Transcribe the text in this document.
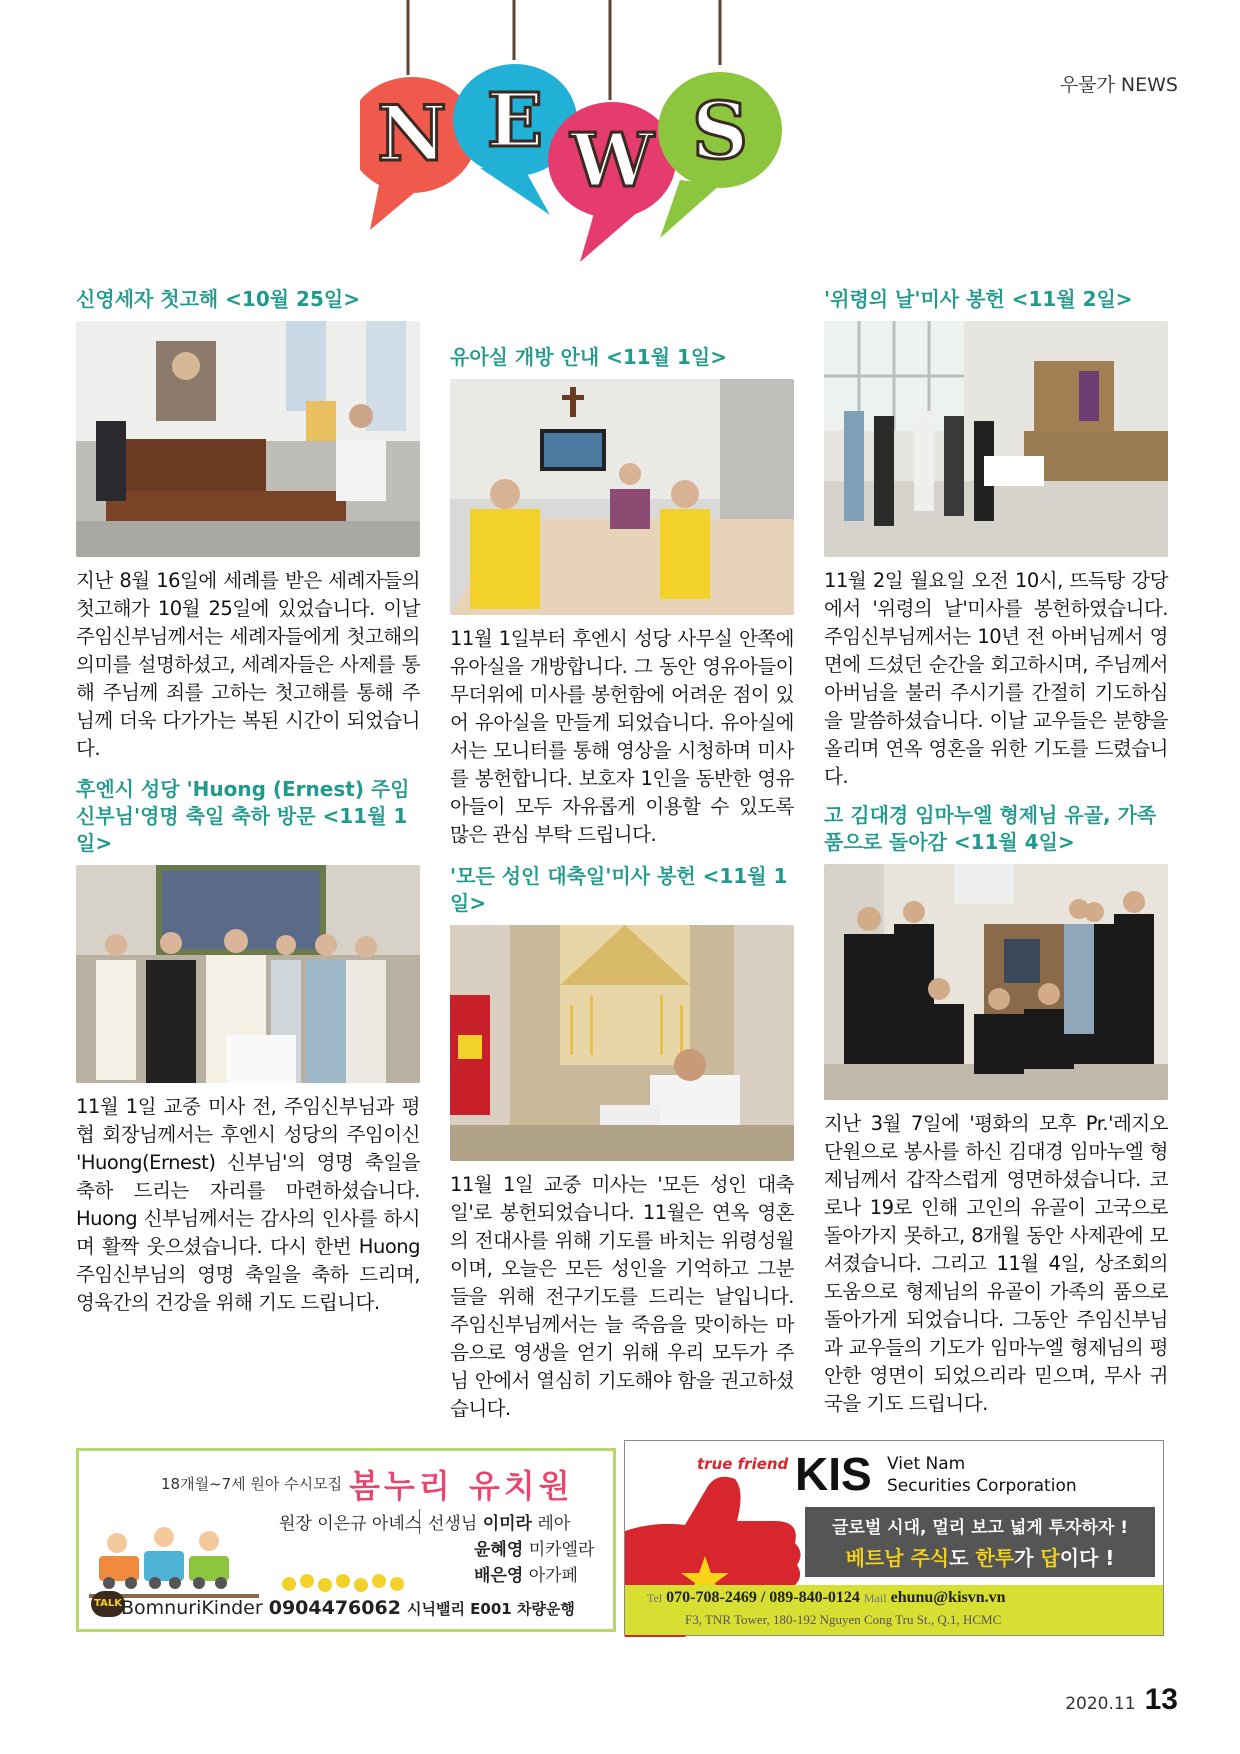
우물가 NEWS
N E W S
신영세자 첫고해 <10월 25일>
지난 8월 16일에 세례를 받은 세례자들의 첫고해가 10월 25일에 있었습니다. 이날 주임신부님께서는 세례자들에게 첫고해의 의미를 설명하셨고, 세례자들은 사제를 통해 주님께 죄를 고하는 첫고해를 통해 주님께 더욱 다가가는 복된 시간이 되었습니다.
후엔시 성당 'Huong (Ernest) 주임신부님'영명 축일 축하 방문 <11월 1일>
11월 1일 교중 미사 전, 주임신부님과 평협 회장님께서는 후엔시 성당의 주임이신 'Huong(Ernest) 신부님'의 영명 축일을 축하 드리는 자리를 마련하셨습니다. Huong 신부님께서는 감사의 인사를 하시며 활짝 웃으셨습니다. 다시 한번 Huong 주임신부님의 영명 축일을 축하 드리며, 영육간의 건강을 위해 기도 드립니다.
유아실 개방 안내 <11월 1일>
11월 1일부터 후엔시 성당 사무실 안쪽에 유아실을 개방합니다. 그 동안 영유아들이 무더위에 미사를 봉헌함에 어려운 점이 있어 유아실을 만들게 되었습니다. 유아실에서는 모니터를 통해 영상을 시청하며 미사를 봉헌합니다. 보호자 1인을 동반한 영유아들이 모두 자유롭게 이용할 수 있도록 많은 관심 부탁 드립니다.
'모든 성인 대축일'미사 봉헌 <11월 1일>
11월 1일 교중 미사는 '모든 성인 대축일'로 봉헌되었습니다. 11월은 연옥 영혼의 전대사를 위해 기도를 바치는 위령성월이며, 오늘은 모든 성인을 기억하고 그분들을 위해 전구기도를 드리는 날입니다. 주임신부님께서는 늘 죽음을 맞이하는 마음으로 영생을 얻기 위해 우리 모두가 주님 안에서 열심히 기도해야 함을 권고하셨습니다.
'위령의 날'미사 봉헌 <11월 2일>
11월 2일 월요일 오전 10시, 뜨득탕 강당에서 '위령의 날'미사를 봉헌하였습니다. 주임신부님께서는 10년 전 아버님께서 영면에 드셨던 순간을 회고하시며, 주님께서 아버님을 불러 주시기를 간절히 기도하심을 말씀하셨습니다. 이날 교우들은 분향을 올리며 연옥 영혼을 위한 기도를 드렸습니다.
고 김대경 임마누엘 형제님 유골, 가족 품으로 돌아감 <11월 4일>
지난 3월 7일에 '평화의 모후 Pr.'레지오 단원으로 봉사를 하신 김대경 임마누엘 형제님께서 갑작스럽게 영면하셨습니다. 코로나 19로 인해 고인의 유골이 고국으로 돌아가지 못하고, 8개월 동안 사제관에 모셔졌습니다. 그리고 11월 4일, 상조회의 도움으로 형제님의 유골이 가족의 품으로 돌아가게 되었습니다. 그동안 주임신부님과 교우들의 기도가 임마누엘 형제님의 평안한 영면이 되었으리라 믿으며, 무사 귀국을 기도 드립니다.
18개월~7세 원아 수시모집 봄누리 유치원
원장 이은규 아녜스 선생님 이미라 레아
윤혜영 미카엘라
배은영 아가페
TALK BomnuriKinder 0904476062 시닉밸리 E001 차량운행
true friend KIS Viet Nam
Securities Corporation
글로벌 시대, 멀리 보고 넓게 투자하자 !
베트남 주식도 한투가 답이다 !
Tel 070-708-2469 / 089-840-0124 Mail ehunu@kisvn.vn
F3, TNR Tower, 180-192 Nguyen Cong Tru St., Q.1, HCMC
2020.11 13
